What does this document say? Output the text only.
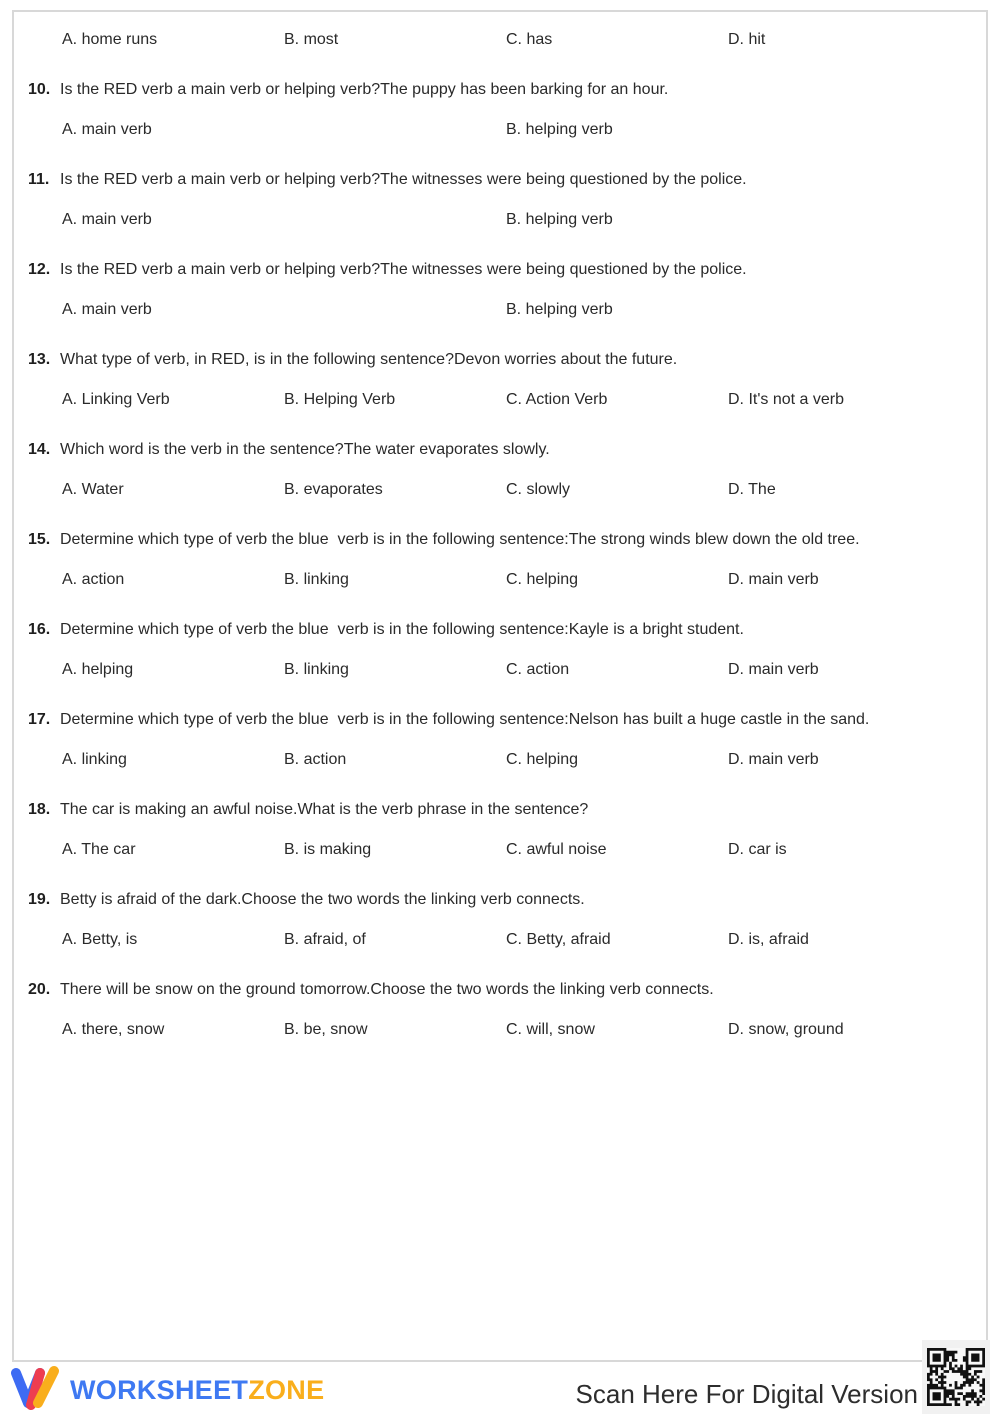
A. home runs	B. most	C. has	D. hit
10. Is the RED verb a main verb or helping verb?The puppy has been barking for an hour.
A. main verb	B. helping verb
11. Is the RED verb a main verb or helping verb?The witnesses were being questioned by the police.
A. main verb	B. helping verb
12. Is the RED verb a main verb or helping verb?The witnesses were being questioned by the police.
A. main verb	B. helping verb
13. What type of verb, in RED, is in the following sentence?Devon worries about the future.
A. Linking Verb	B. Helping Verb	C. Action Verb	D. It's not a verb
14. Which word is the verb in the sentence?The water evaporates slowly.
A. Water	B. evaporates	C. slowly	D. The
15. Determine which type of verb the blue  verb is in the following sentence:The strong winds blew down the old tree.
A. action	B. linking	C. helping	D. main verb
16. Determine which type of verb the blue  verb is in the following sentence:Kayle is a bright student.
A. helping	B. linking	C. action	D. main verb
17. Determine which type of verb the blue  verb is in the following sentence:Nelson has built a huge castle in the sand.
A. linking	B. action	C. helping	D. main verb
18. The car is making an awful noise.What is the verb phrase in the sentence?
A. The car	B. is making	C. awful noise	D. car is
19. Betty is afraid of the dark.Choose the two words the linking verb connects.
A. Betty, is	B. afraid, of	C. Betty, afraid	D. is, afraid
20. There will be snow on the ground tomorrow.Choose the two words the linking verb connects.
A. there, snow	B. be, snow	C. will, snow	D. snow, ground
WORKSHEETZONE	Scan Here For Digital Version
